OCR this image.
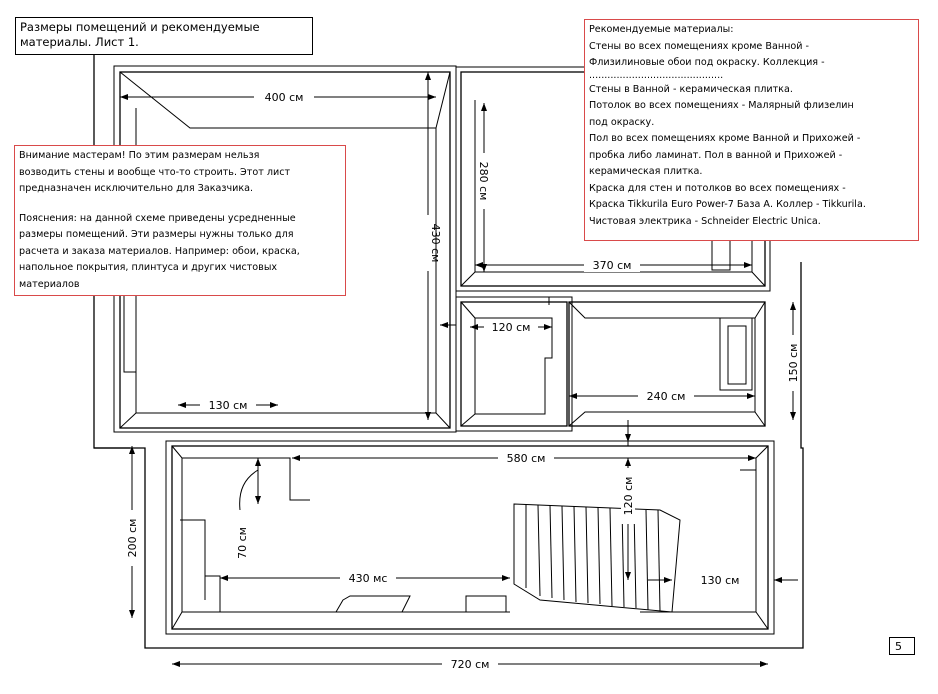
400 см
430 см
280 см
370 см
120 см
150 см
240 см
130 см
580 см
120 см
200 см	70 см
430 мс	130 см
720 см
Размеры помещений и рекомендуемые
материалы. Лист 1.
Внимание мастерам! По этим размерам нельзя
возводить стены и вообще что-то строить. Этот лист
предназначен исключительно для Заказчика.
Пояснения: на данной схеме приведены усредненные
размеры помещений. Эти размеры нужны только для
расчета и заказа материалов. Например: обои, краска,
напольное покрытия, плинтуса и других чистовых
материалов
Рекомендуемые материалы:
Стены во всех помещениях кроме Ванной -
Флизилиновые обои под окраску. Коллекция -
............................................
Стены в Ванной - керамическая плитка.
Потолок во всех помещениях - Малярный флизелин
под окраску.
Пол во всех помещениях кроме Ванной и Прихожей -
пробка либо ламинат. Пол в ванной и Прихожей -
керамическая плитка.
Краска для стен и потолков во всех помещениях -
Краска Tikkurila Euro Power-7 База А. Коллер - Tikkurila.
Чистовая электрика - Schneider Electric Unica.
5
